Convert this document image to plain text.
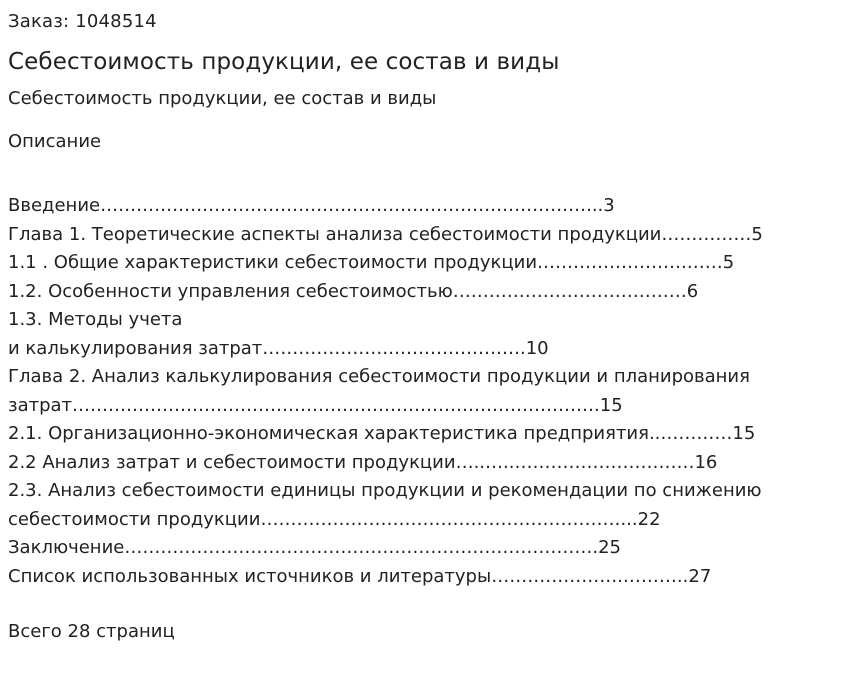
Заказ: 1048514
Себестоимость продукции, ее состав и виды
Себестоимость продукции, ее состав и виды
Описание
Введение………………………………………………………………………...3
Глава 1. Теоретические аспекты анализа себестоимости продукции……………5
1.1 . Общие характеристики себестоимости продукции…………………….……5
1.2. Особенности управления себестоимостью…………………………………6
1.3. Методы учета
и калькулирования затрат………………….………………….10
Глава 2. Анализ калькулирования себестоимости продукции и планирования
затрат…………………………………………………………………………….15
2.1. Организационно-экономическая характеристика предприятия..…………15
2.2 Анализ затрат и себестоимости продукции…..…..…………………………16
2.3. Анализ себестоимости единицы продукции и рекомендации по снижению
себестоимости продукции……………………………………………………...22
Заключение…………………………………………………………………….25
Список использованных источников и литературы………………….………..27
Всего 28 страниц
